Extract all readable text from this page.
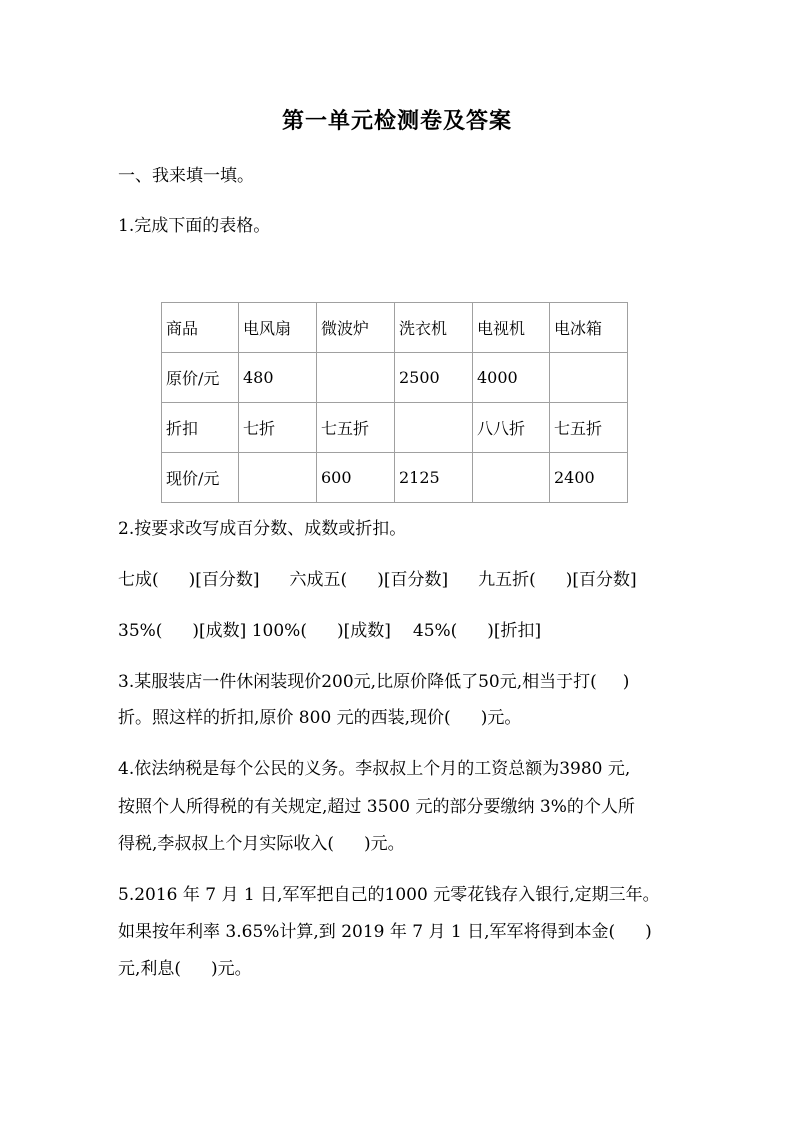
第一单元检测卷及答案
一、我来填一填。
1.完成下面的表格。
商品	电风扇	微波炉	洗衣机	电视机	电冰箱
原价/元	480		2500	4000	
折扣	七折	七五折		八八折	七五折
现价/元		600	2125		2400
2.按要求改写成百分数、成数或折扣。
七成( )[百分数] 六成五( )[百分数] 九五折( )[百分数]
35%( )[成数] 100%( )[成数] 45%( )[折扣]
3.某服装店一件休闲装现价200元,比原价降低了50元,相当于打( )
折。照这样的折扣,原价 800 元的西装,现价( )元。
4.依法纳税是每个公民的义务。李叔叔上个月的工资总额为3980 元,
按照个人所得税的有关规定,超过 3500 元的部分要缴纳 3%的个人所
得税,李叔叔上个月实际收入( )元。
5.2016 年 7 月 1 日,军军把自己的1000 元零花钱存入银行,定期三年。
如果按年利率 3.65%计算,到 2019 年 7 月 1 日,军军将得到本金( )
元,利息( )元。
